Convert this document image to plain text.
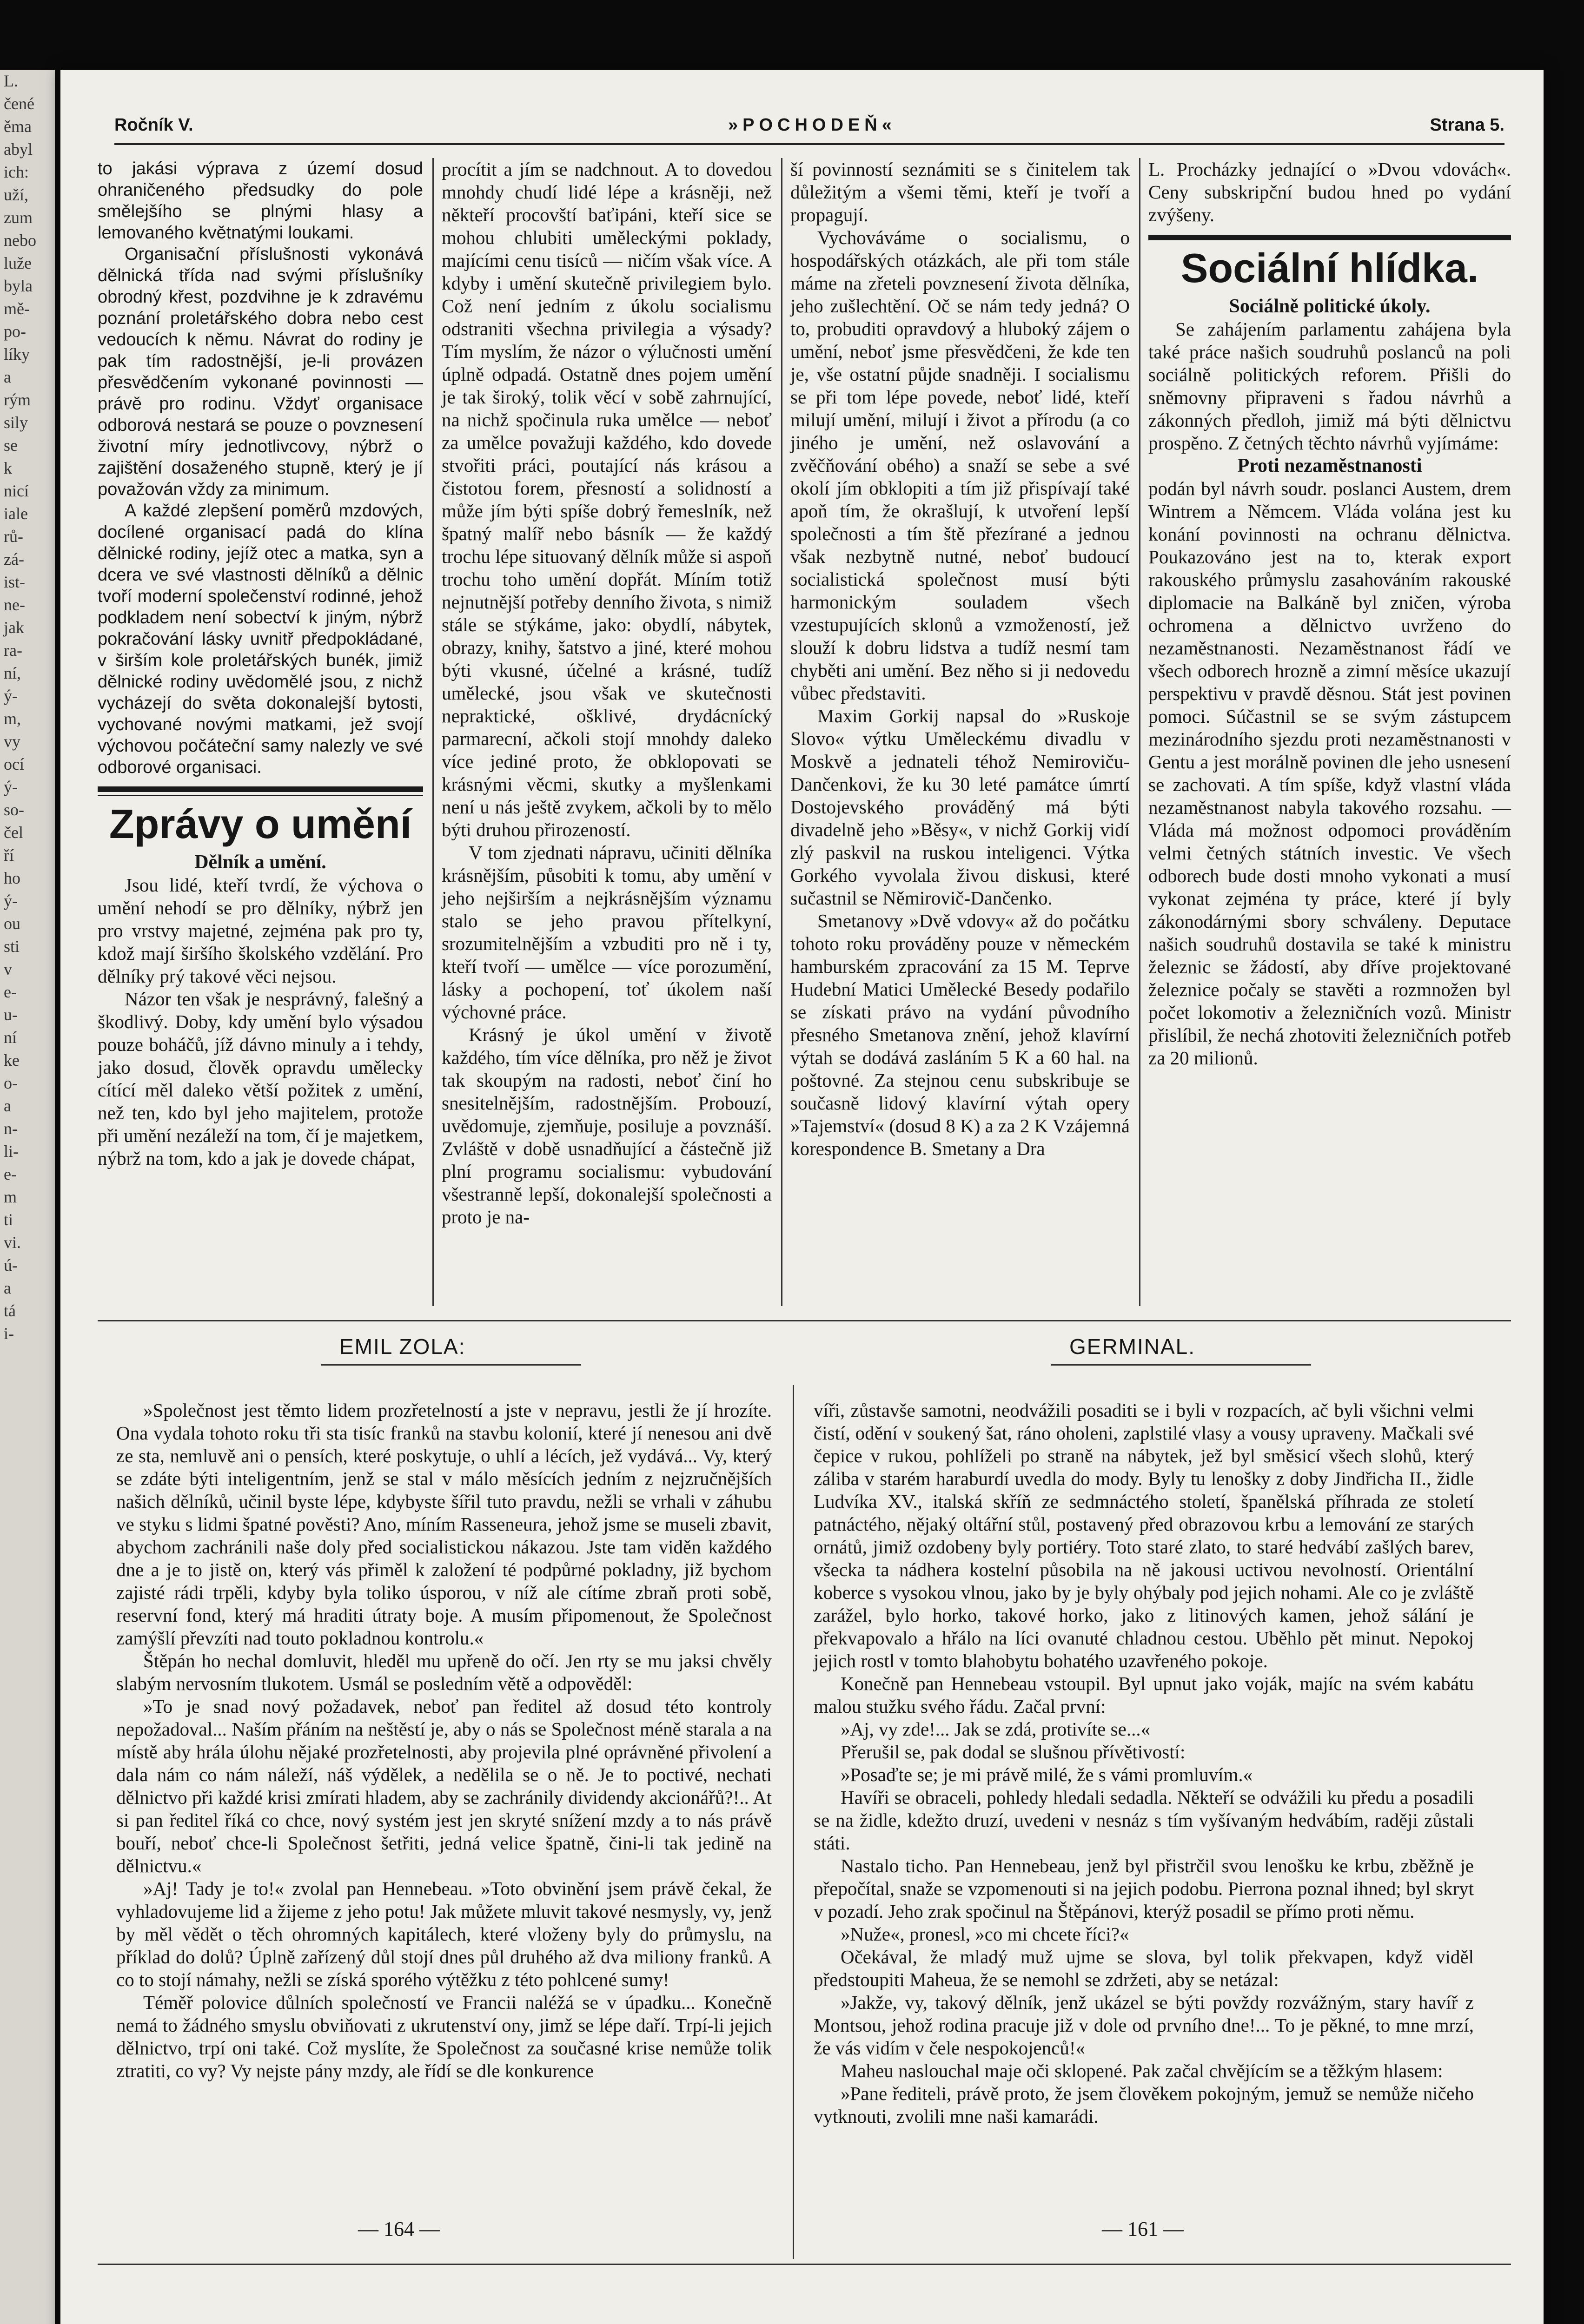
L.

čené

ěma

abyl

ich:

uží,

zum

nebo

luže

byla

mě-

po-

líky

a

rým

sily

se

k

nicí

iale

rů-

zá-

ist-

ne-

jak

ra-

ní,

ý-

m,

vy

ocí

ý-

so-

čel

ří

ho

ý-

ou

sti

v

e-

u-

ní

ke

o-

a

n-

li-

e-

m

ti

vi.

ú-

a

tá

i-

Ročník V.	»POCHODEŇ«	Strana 5.

to jakási výprava z území dosud ohraničeného předsudky do pole smělejšího se plnými hlasy a lemovaného květnatými loukami.

Organisační příslušnosti vykonává dělnická třída nad svými příslušníky obrodný křest, pozdvihne je k zdravému poznání proletářského dobra nebo cest vedoucích k němu. Návrat do rodiny je pak tím radostnější, je-li provázen přesvědčením vykonané povinnosti — právě pro rodinu. Vždyť organisace odborová nestará se pouze o povznesení životní míry jednotlivcovy, nýbrž o zajištění dosaženého stupně, který je jí považován vždy za minimum.

A každé zlepšení poměrů mzdových, docílené organisací padá do klína dělnické rodiny, jejíž otec a matka, syn a dcera ve své vlastnosti dělníků a dělnic tvoří moderní společenství rodinné, jehož podkladem není sobectví k jiným, nýbrž pokračování lásky uvnitř předpokládané, v širším kole proletářských bunék, jimiž dělnické rodiny uvědomělé jsou, z nichž vycházejí do světa dokonalejší bytosti, vychované novými matkami, jež svojí výchovou počáteční samy nalezly ve své odborové organisaci.

Zprávy o umění

Dělník a umění.

Jsou lidé, kteří tvrdí, že výchova o umění nehodí se pro dělníky, nýbrž jen pro vrstvy majetné, zejména pak pro ty, kdož mají širšího školského vzdělání. Pro dělníky prý takové věci nejsou.

Názor ten však je nesprávný, falešný a škodlivý. Doby, kdy umění bylo výsadou pouze boháčů, jíž dávno minuly a i tehdy, jako dosud, člověk opravdu umělecky cítící měl daleko větší požitek z umění, než ten, kdo byl jeho majitelem, protože při umění nezáleží na tom, čí je majetkem, nýbrž na tom, kdo a jak je dovede chápat,

procítit a jím se nadchnout. A to dovedou mnohdy chudí lidé lépe a krásněji, než někteří procovští baťipáni, kteří sice se mohou chlubiti uměleckými poklady, majícími cenu tisíců — ničím však více. A kdyby i umění skutečně privilegiem bylo. Což není jedním z úkolu socialismu odstraniti všechna privilegia a výsady? Tím myslím, že názor o výlučnosti umění úplně odpadá. Ostatně dnes pojem umění je tak široký, tolik věcí v sobě zahrnující, na nichž spočinula ruka umělce — neboť za umělce považuji každého, kdo dovede stvořiti práci, poutající nás krásou a čistotou forem, přesností a solidností a může jím býti spíše dobrý řemeslník, než špatný malíř nebo básník — že každý trochu lépe situovaný dělník může si aspoň trochu toho umění dopřát. Míním totiž nejnutnější potřeby denního života, s nimiž stále se stýkáme, jako: obydlí, nábytek, obrazy, knihy, šatstvo a jiné, které mohou býti vkusné, účelné a krásné, tudíž umělecké, jsou však ve skutečnosti nepraktické, ošklivé, drydácnícký parmarecní, ačkoli stojí mnohdy daleko více jediné proto, že obklopovati se krásnými věcmi, skutky a myšlenkami není u nás ještě zvykem, ačkoli by to mělo býti druhou přirozeností.

V tom zjednati nápravu, učiniti dělníka krásnějším, působiti k tomu, aby umění v jeho nejširším a nejkrásnějším významu stalo se jeho pravou přítelkyní, srozumitelnějším a vzbuditi pro ně i ty, kteří tvoří — umělce — více porozumění, lásky a pochopení, toť úkolem naší výchovné práce.

Krásný je úkol umění v životě každého, tím více dělníka, pro něž je život tak skoupým na radosti, neboť činí ho snesitelnějším, radostnějším. Probouzí, uvědomuje, zjemňuje, posiluje a povznáší. Zvláště v době usnadňující a částečně již plní programu socialismu: vybudování všestranně lepší, dokonalejší společnosti a proto je na-

ší povinností seznámiti se s činitelem tak důležitým a všemi těmi, kteří je tvoří a propagují.

Vychováváme o socialismu, o hospodářských otázkách, ale při tom stále máme na zřeteli povznesení života dělníka, jeho zušlechtění. Oč se nám tedy jedná? O to, probuditi opravdový a hluboký zájem o umění, neboť jsme přesvědčeni, že kde ten je, vše ostatní půjde snadněji. I socialismu se při tom lépe povede, neboť lidé, kteří milují umění, milují i život a přírodu (a co jiného je umění, než oslavování a zvěčňování obého) a snaží se sebe a své okolí jím obklopiti a tím již přispívají také apoň tím, že okrašlují, k utvoření lepší společnosti a tím ště přezírané a jednou však nezbytně nutné, neboť budoucí socialistická společnost musí býti harmonickým souladem všech vzestupujících sklonů a vzmožeností, jež slouží k dobru lidstva a tudíž nesmí tam chyběti ani umění. Bez něho si ji nedovedu vůbec představiti.

Maxim Gorkij napsal do »Ruskoje Slovo« výtku Uměleckému divadlu v Moskvě a jednateli téhož Nemiroviču-Dančenkovi, že ku 30 leté památce úmrtí Dostojevského prováděný má býti divadelně jeho »Běsy«, v nichž Gorkij vidí zlý paskvil na ruskou inteligenci. Výtka Gorkého vyvolala živou diskusi, které sučastnil se Němirovič-Dančenko.

Smetanovy »Dvě vdovy« až do počátku tohoto roku prováděny pouze v německém hamburském zpracování za 15 M. Teprve Hudební Matici Umělecké Besedy podařilo se získati právo na vydání původního přesného Smetanova znění, jehož klavírní výtah se dodává zasláním 5 K a 60 hal. na poštovné. Za stejnou cenu subskribuje se současně lidový klavírní výtah opery »Tajemství« (dosud 8 K) a za 2 K Vzájemná korespondence B. Smetany a Dra

L. Procházky jednající o »Dvou vdovách«. Ceny subskripční budou hned po vydání zvýšeny.

Sociální hlídka.

Sociálně politické úkoly.

Se zahájením parlamentu zahájena byla také práce našich soudruhů poslanců na poli sociálně politických reforem. Přišli do sněmovny připraveni s řadou návrhů a zákonných předloh, jimiž má býti dělnictvu prospěno. Z četných těchto návrhů vyjímáme:

Proti nezaměstnanosti

podán byl návrh soudr. poslanci Austem, drem Wintrem a Němcem. Vláda volána jest ku konání povinnosti na ochranu dělnictva. Poukazováno jest na to, kterak export rakouského průmyslu zasahováním rakouské diplomacie na Balkáně byl zničen, výroba ochromena a dělnictvo uvrženo do nezaměstnanosti. Nezaměstnanost řádí ve všech odborech hrozně a zimní měsíce ukazují perspektivu v pravdě děsnou. Stát jest povinen pomoci. Súčastnil se se svým zástupcem mezinárodního sjezdu proti nezaměstnanosti v Gentu a jest morálně povinen dle jeho usnesení se zachovati. A tím spíše, když vlastní vláda nezaměstnanost nabyla takového rozsahu. — Vláda má možnost odpomoci prováděním velmi četných státních investic. Ve všech odborech bude dosti mnoho vykonati a musí vykonat zejména ty práce, které jí byly zákonodárnými sbory schváleny. Deputace našich soudruhů dostavila se také k ministru železnic se žádostí, aby dříve projektované železnice počaly se stavěti a rozmnožen byl počet lokomotiv a železničních vozů. Ministr přislíbil, že nechá zhotoviti železničních potřeb za 20 milionů.

EMIL ZOLA:	GERMINAL.

»Společnost jest těmto lidem prozřetelností a jste v nepravu, jestli že jí hrozíte. Ona vydala tohoto roku tři sta tisíc franků na stavbu kolonií, které jí nenesou ani dvě ze sta, nemluvě ani o pensích, které poskytuje, o uhlí a lécích, jež vydává... Vy, který se zdáte býti inteligentním, jenž se stal v málo měsících jedním z nejzručnějších našich dělníků, učinil byste lépe, kdybyste šířil tuto pravdu, nežli se vrhali v záhubu ve styku s lidmi špatné pověsti? Ano, míním Rasseneura, jehož jsme se museli zbavit, abychom zachránili naše doly před socialistickou nákazou. Jste tam viděn každého dne a je to jistě on, který vás přiměl k založení té podpůrné pokladny, již bychom zajisté rádi trpěli, kdyby byla toliko úsporou, v níž ale cítíme zbraň proti sobě, reservní fond, který má hraditi útraty boje. A musím připomenout, že Společnost zamýšlí převzíti nad touto pokladnou kontrolu.«

Štěpán ho nechal domluvit, hleděl mu upřeně do očí. Jen rty se mu jaksi chvěly slabým nervosním tlukotem. Usmál se posledním větě a odpověděl:

»To je snad nový požadavek, neboť pan ředitel až dosud této kontroly nepožadoval... Naším přáním na neštěstí je, aby o nás se Společnost méně starala a na místě aby hrála úlohu nějaké prozřetelnosti, aby projevila plné oprávněné přivolení a dala nám co nám náleží, náš výdělek, a nedělila se o ně. Je to poctivé, nechati dělnictvo při každé krisi zmírati hladem, aby se zachránily dividendy akcionářů?!.. At si pan ředitel říká co chce, nový systém jest jen skryté snížení mzdy a to nás právě bouří, neboť chce-li Společnost šetřiti, jedná velice špatně, čini-li tak jedině na dělnictvu.«

»Aj! Tady je to!« zvolal pan Hennebeau. »Toto obvinění jsem právě čekal, že vyhladovujeme lid a žijeme z jeho potu! Jak můžete mluvit takové nesmysly, vy, jenž by měl vědět o těch ohromných kapitálech, které vloženy byly do průmyslu, na příklad do dolů? Úplně zařízený důl stojí dnes půl druhého až dva miliony franků. A co to stojí námahy, nežli se získá sporého výtěžku z této pohlcené sumy!

Téměř polovice důlních společností ve Francii naléžá se v úpadku... Konečně nemá to žádného smyslu obviňovati z ukrutenství ony, jimž se lépe daří. Trpí-li jejich dělnictvo, trpí oni také. Což myslíte, že Společnost za současné krise nemůže tolik ztratiti, co vy? Vy nejste pány mzdy, ale řídí se dle konkurence

víři, zůstavše samotni, neodvážili posaditi se i byli v rozpacích, ač byli všichni velmi čistí, odění v soukený šat, ráno oholeni, zaplstilé vlasy a vousy upraveny. Mačkali své čepice v rukou, pohlíželi po straně na nábytek, jež byl směsicí všech slohů, který záliba v starém haraburdí uvedla do mody. Byly tu lenošky z doby Jindřicha II., židle Ludvíka XV., italská skříň ze sedmnáctého století, španělská příhrada ze století patnáctého, nějaký oltářní stůl, postavený před obrazovou krbu a lemování ze starých ornátů, jimiž ozdobeny byly portiéry. Toto staré zlato, to staré hedvábí zašlých barev, všecka ta nádhera kostelní působila na ně jakousi uctivou nevolností. Orientální koberce s vysokou vlnou, jako by je byly ohýbaly pod jejich nohami. Ale co je zvláště zarážel, bylo horko, takové horko, jako z litinových kamen, jehož sálání je překvapovalo a hřálo na líci ovanuté chladnou cestou. Uběhlo pět minut. Nepokoj jejich rostl v tomto blahobytu bohatého uzavřeného pokoje.

Konečně pan Hennebeau vstoupil. Byl upnut jako voják, majíc na svém kabátu malou stužku svého řádu. Začal první:

»Aj, vy zde!... Jak se zdá, protivíte se...«

Přerušil se, pak dodal se slušnou přívětivostí:

»Posaďte se; je mi právě milé, že s vámi promluvím.«

Havíři se obraceli, pohledy hledali sedadla. Někteří se odvážili ku předu a posadili se na židle, kdežto druzí, uvedeni v nesnáz s tím vyšívaným hedvábím, raději zůstali státi.

Nastalo ticho. Pan Hennebeau, jenž byl přistrčil svou lenošku ke krbu, zběžně je přepočítal, snaže se vzpomenouti si na jejich podobu. Pierrona poznal ihned; byl skryt v pozadí. Jeho zrak spočinul na Štěpánovi, kterýž posadil se přímo proti němu.

»Nuže«, pronesl, »co mi chcete říci?«

Očekával, že mladý muž ujme se slova, byl tolik překvapen, když viděl předstoupiti Maheua, že se nemohl se zdržeti, aby se netázal:

»Jakže, vy, takový dělník, jenž ukázel se býti povždy rozvážným, stary havíř z Montsou, jehož rodina pracuje již v dole od prvního dne!... To je pěkné, to mne mrzí, že vás vidím v čele nespokojenců!«

Maheu naslouchal maje oči sklopené. Pak začal chvějícím se a těžkým hlasem:

»Pane řediteli, právě proto, že jsem člověkem pokojným, jemuž se nemůže ničeho vytknouti, zvolili mne naši kamarádi.

— 164 —	— 161 —
